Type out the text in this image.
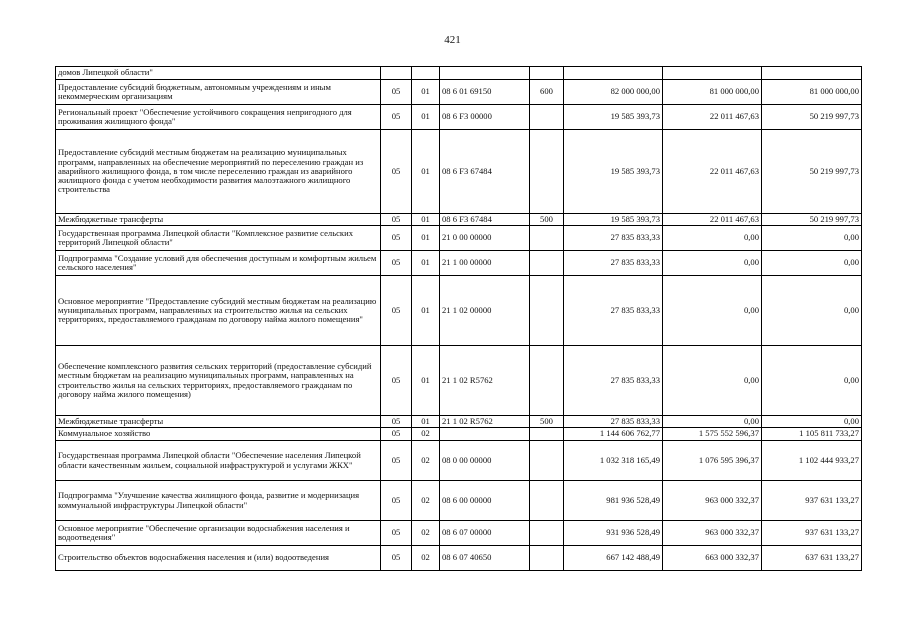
421
домов Липецкой области"							
Предоставление субсидий бюджетным, автономным учреждениям и иным некоммерческим организациям	05	01	08 6 01 69150	600	82 000 000,00	81 000 000,00	81 000 000,00
Региональный проект "Обеспечение устойчивого сокращения непригодного для проживания жилищного фонда"	05	01	08 6 F3 00000		19 585 393,73	22 011 467,63	50 219 997,73
Предоставление субсидий местным бюджетам на реализацию муниципальных программ, направленных на обеспечение мероприятий по переселению граждан из аварийного жилищного фонда, в том числе переселению граждан из аварийного жилищного фонда с учетом необходимости развития малоэтажного жилищного строительства	05	01	08 6 F3 67484		19 585 393,73	22 011 467,63	50 219 997,73
Межбюджетные трансферты	05	01	08 6 F3 67484	500	19 585 393,73	22 011 467,63	50 219 997,73
Государственная программа Липецкой области "Комплексное развитие сельских территорий Липецкой области"	05	01	21 0 00 00000		27 835 833,33	0,00	0,00
Подпрограмма "Создание условий для обеспечения доступным и комфортным жильем сельского населения"	05	01	21 1 00 00000		27 835 833,33	0,00	0,00
Основное мероприятие "Предоставление субсидий местным бюджетам на реализацию муниципальных программ, направленных на строительство жилья на сельских территориях, предоставляемого гражданам по договору найма жилого помещения"	05	01	21 1 02 00000		27 835 833,33	0,00	0,00
Обеспечение комплексного развития сельских территорий (предоставление субсидий местным бюджетам на реализацию муниципальных программ, направленных на строительство жилья на сельских территориях, предоставляемого гражданам по договору найма жилого помещения)	05	01	21 1 02 R5762		27 835 833,33	0,00	0,00
Межбюджетные трансферты	05	01	21 1 02 R5762	500	27 835 833,33	0,00	0,00
Коммунальное хозяйство	05	02			1 144 606 762,77	1 575 552 596,37	1 105 811 733,27
Государственная программа Липецкой области "Обеспечение населения Липецкой области качественным жильем, социальной инфраструктурой и услугами ЖКХ"	05	02	08 0 00 00000		1 032 318 165,49	1 076 595 396,37	1 102 444 933,27
Подпрограмма "Улучшение качества жилищного фонда, развитие и модернизация коммунальной инфраструктуры Липецкой области"	05	02	08 6 00 00000		981 936 528,49	963 000 332,37	937 631 133,27
Основное мероприятие "Обеспечение организации водоснабжения населения и водоотведения"	05	02	08 6 07 00000		931 936 528,49	963 000 332,37	937 631 133,27
Строительство объектов водоснабжения населения и (или) водоотведения	05	02	08 6 07 40650		667 142 488,49	663 000 332,37	637 631 133,27
